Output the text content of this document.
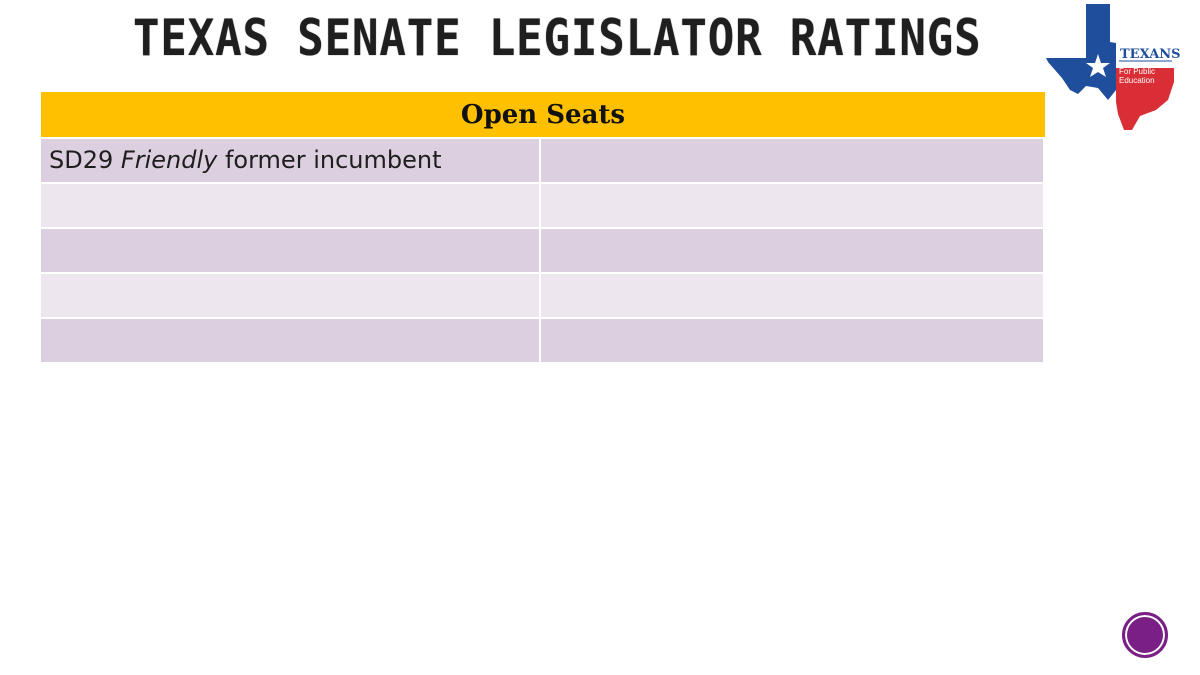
TEXAS SENATE LEGISLATOR RATINGS	TEXANS
For Public
Education
Open Seats
SD29 Friendly former incumbent
